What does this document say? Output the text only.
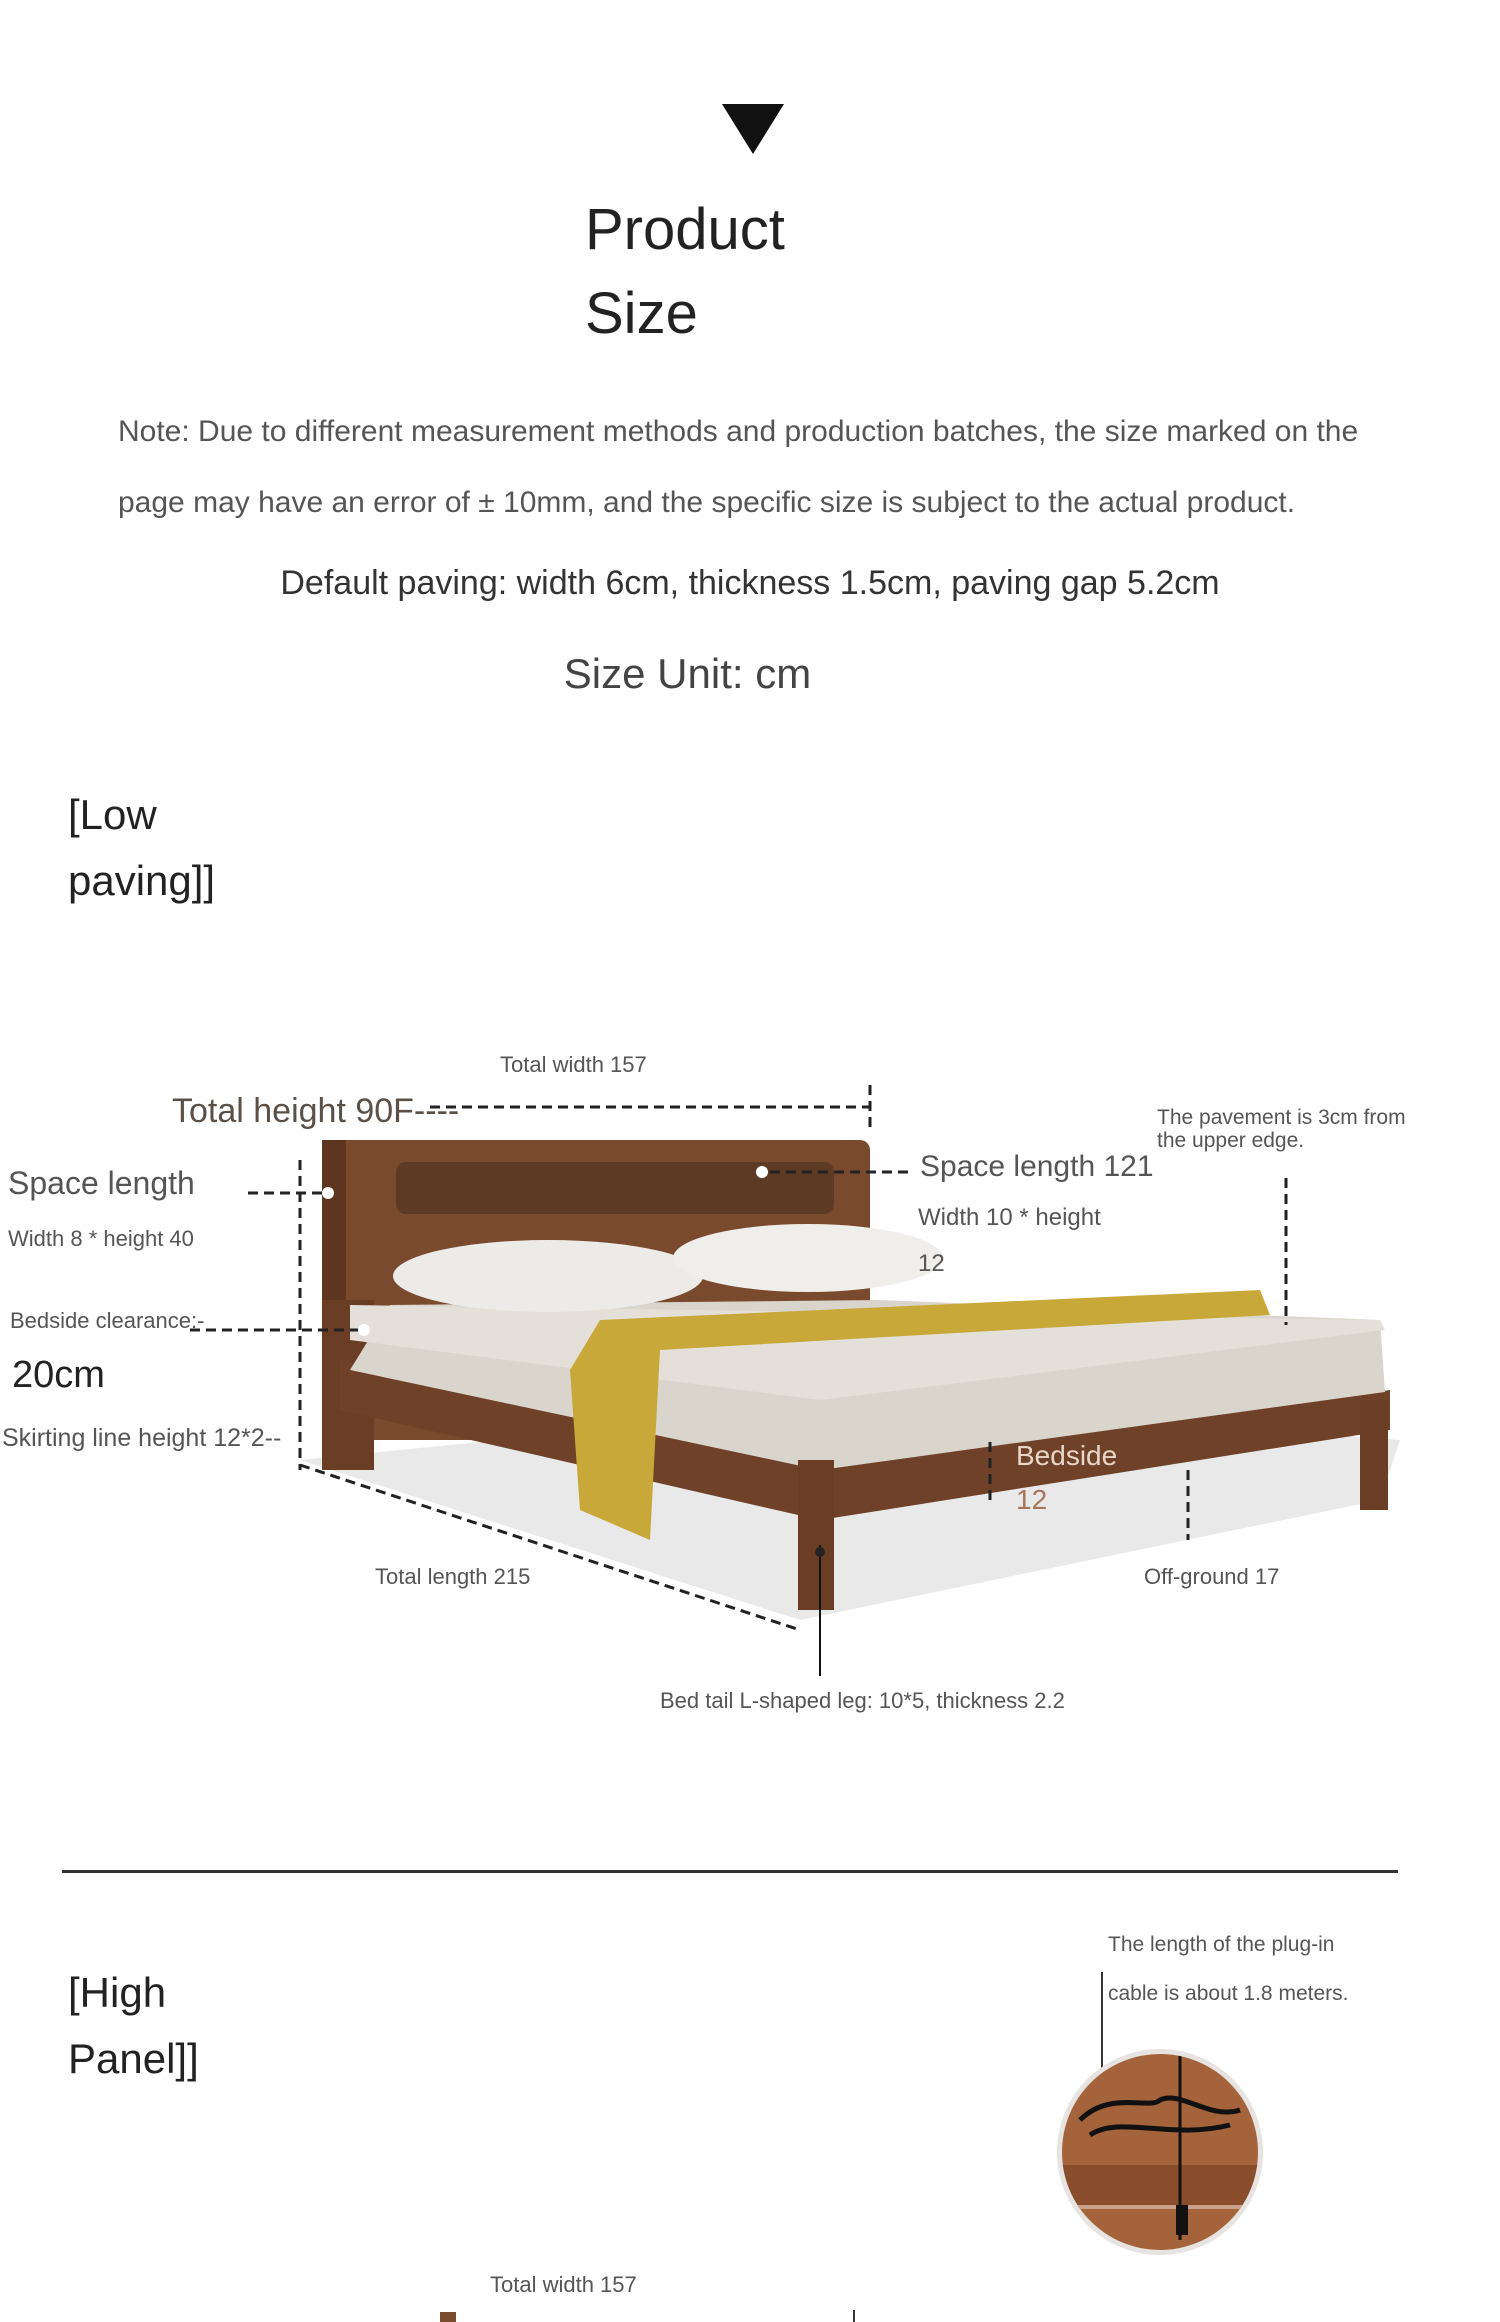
Product
Size
Note: Due to different measurement methods and production batches, the size marked on the
page may have an error of ± 10mm, and the specific size is subject to the actual product.
Default paving: width 6cm, thickness 1.5cm, paving gap 5.2cm
Size Unit: cm
[Low
paving]]
Total width 157
Total height 90F----
Space length
Width 8 * height 40
Bedside clearance:-
20cm
Skirting line height 12*2--
Space length 121
Width 10 * height
12
The pavement is 3cm from
the upper edge.
Bedside
12
Total length 215	Off-ground 17
Bed tail L-shaped leg: 10*5, thickness 2.2
[High
Panel]]
The length of the plug-in
cable is about 1.8 meters.
Total width 157
